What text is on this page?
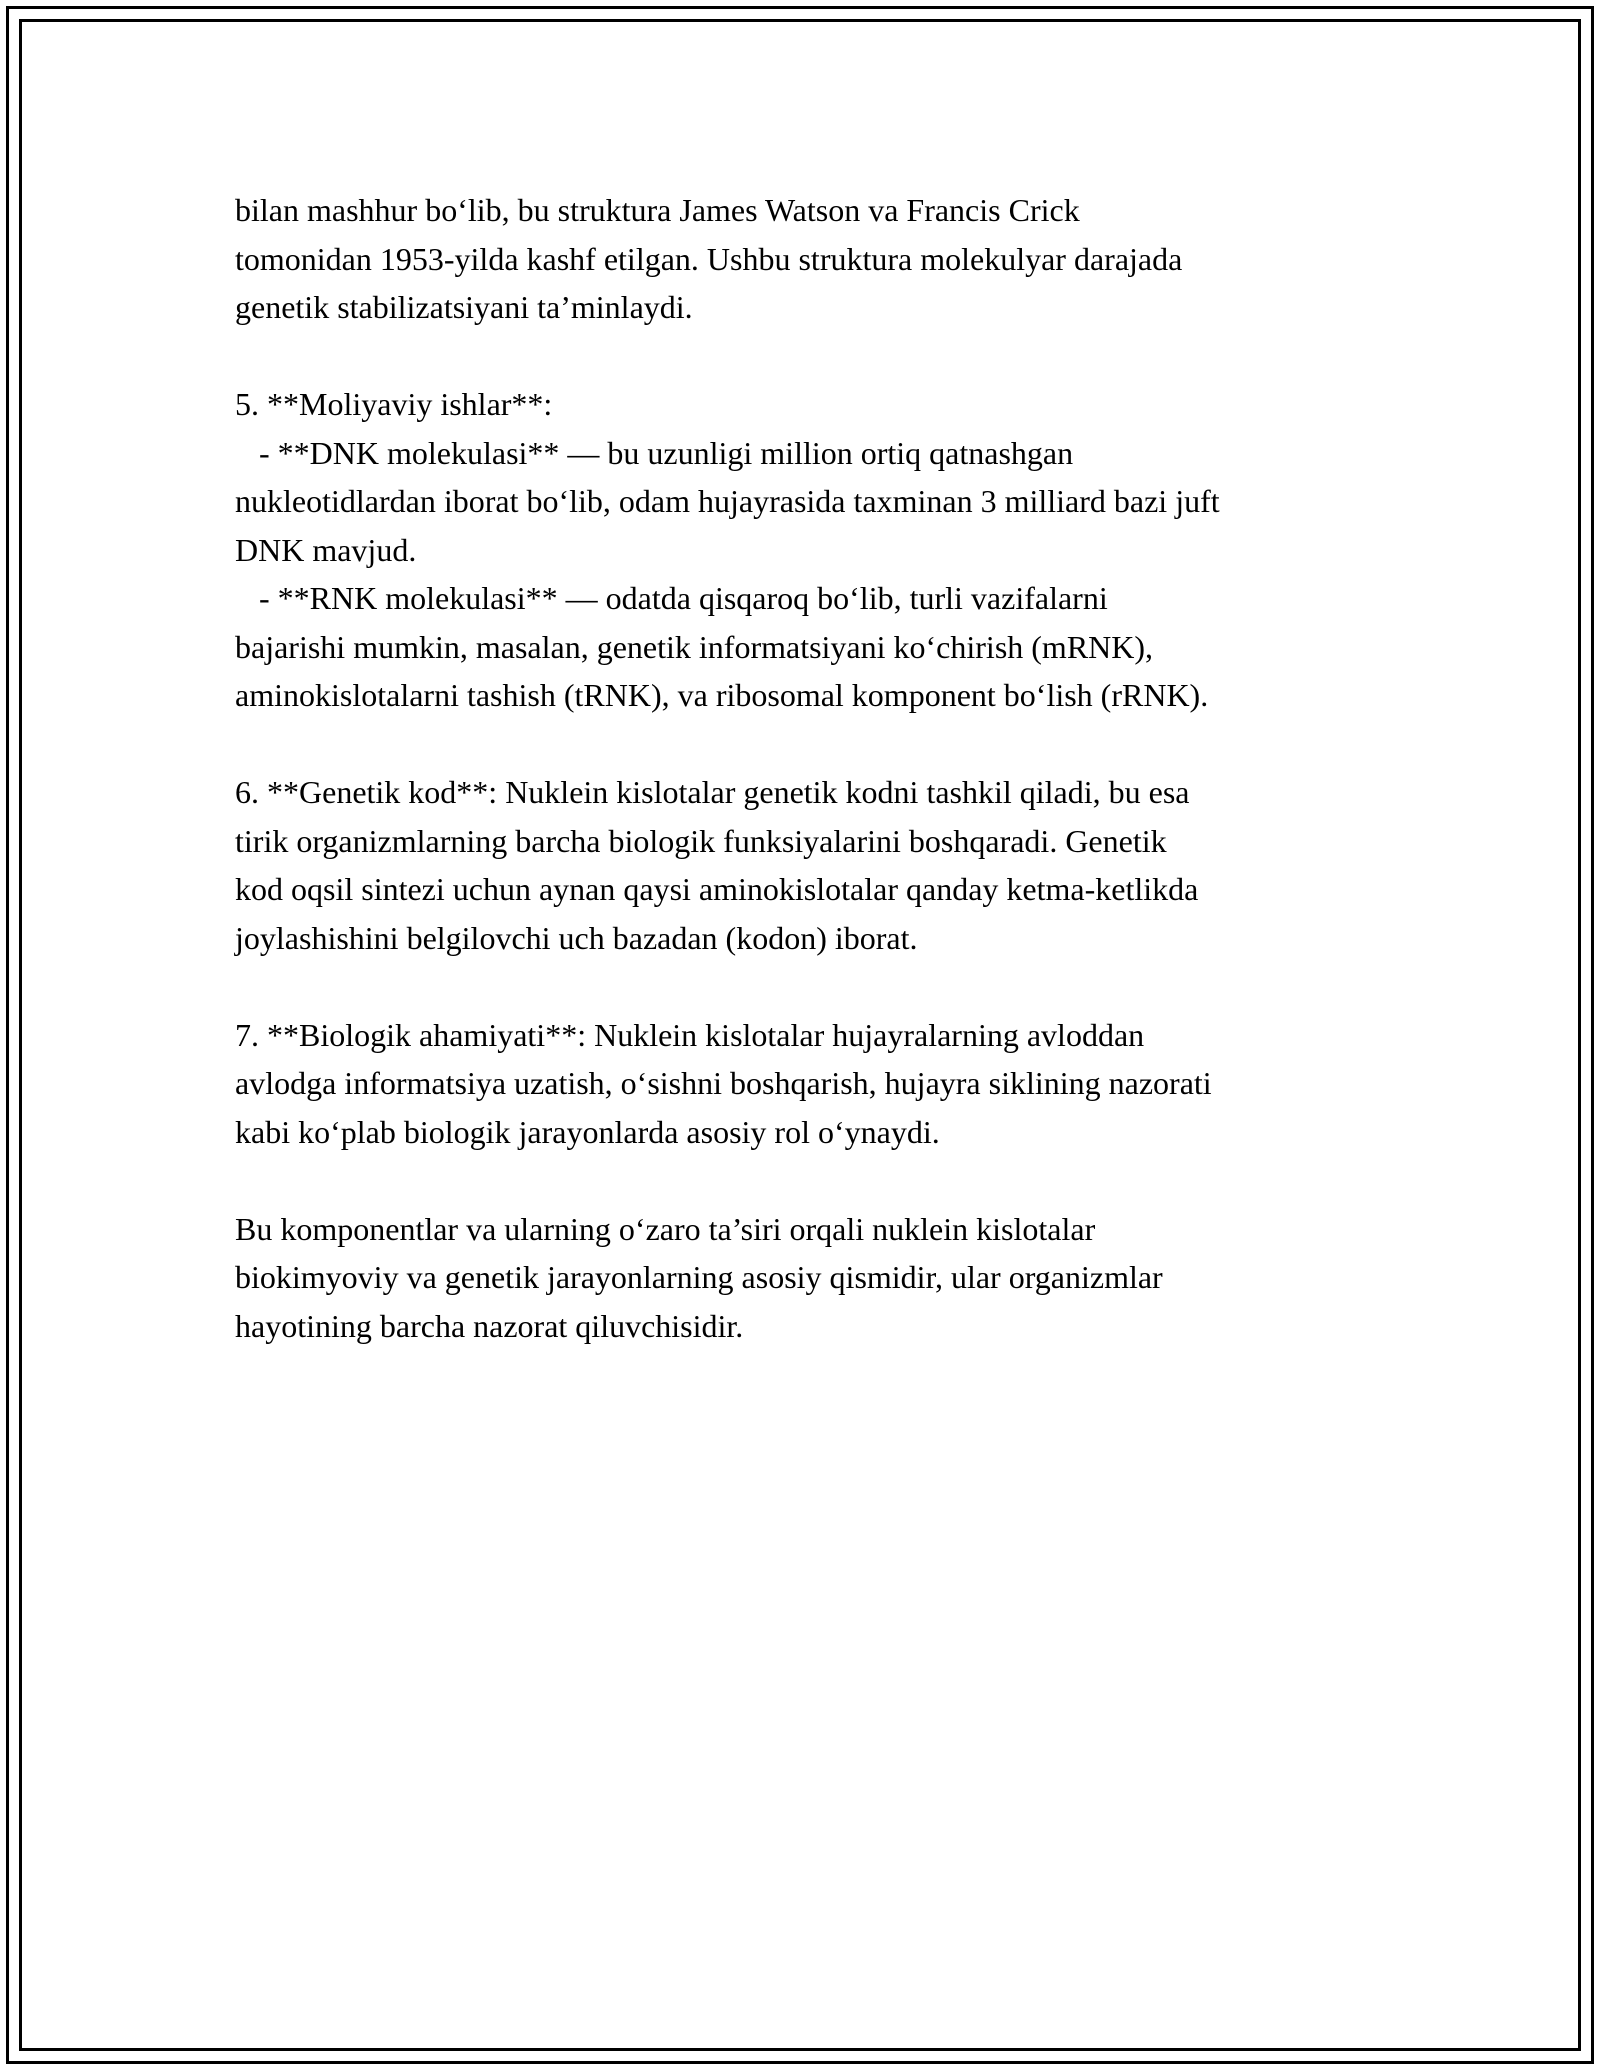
bilan mashhur bo‘lib, bu struktura James Watson va Francis Crick
tomonidan 1953-yilda kashf etilgan. Ushbu struktura molekulyar darajada
genetik stabilizatsiyani ta’minlaydi.
5. **Moliyaviy ishlar**:
- **DNK molekulasi** — bu uzunligi million ortiq qatnashgan
nukleotidlardan iborat bo‘lib, odam hujayrasida taxminan 3 milliard bazi juft
DNK mavjud.
- **RNK molekulasi** — odatda qisqaroq bo‘lib, turli vazifalarni
bajarishi mumkin, masalan, genetik informatsiyani ko‘chirish (mRNK),
aminokislotalarni tashish (tRNK), va ribosomal komponent bo‘lish (rRNK).
6. **Genetik kod**: Nuklein kislotalar genetik kodni tashkil qiladi, bu esa
tirik organizmlarning barcha biologik funksiyalarini boshqaradi. Genetik
kod oqsil sintezi uchun aynan qaysi aminokislotalar qanday ketma-ketlikda
joylashishini belgilovchi uch bazadan (kodon) iborat.
7. **Biologik ahamiyati**: Nuklein kislotalar hujayralarning avloddan
avlodga informatsiya uzatish, o‘sishni boshqarish, hujayra siklining nazorati
kabi ko‘plab biologik jarayonlarda asosiy rol o‘ynaydi.
Bu komponentlar va ularning o‘zaro ta’siri orqali nuklein kislotalar
biokimyoviy va genetik jarayonlarning asosiy qismidir, ular organizmlar
hayotining barcha nazorat qiluvchisidir.
